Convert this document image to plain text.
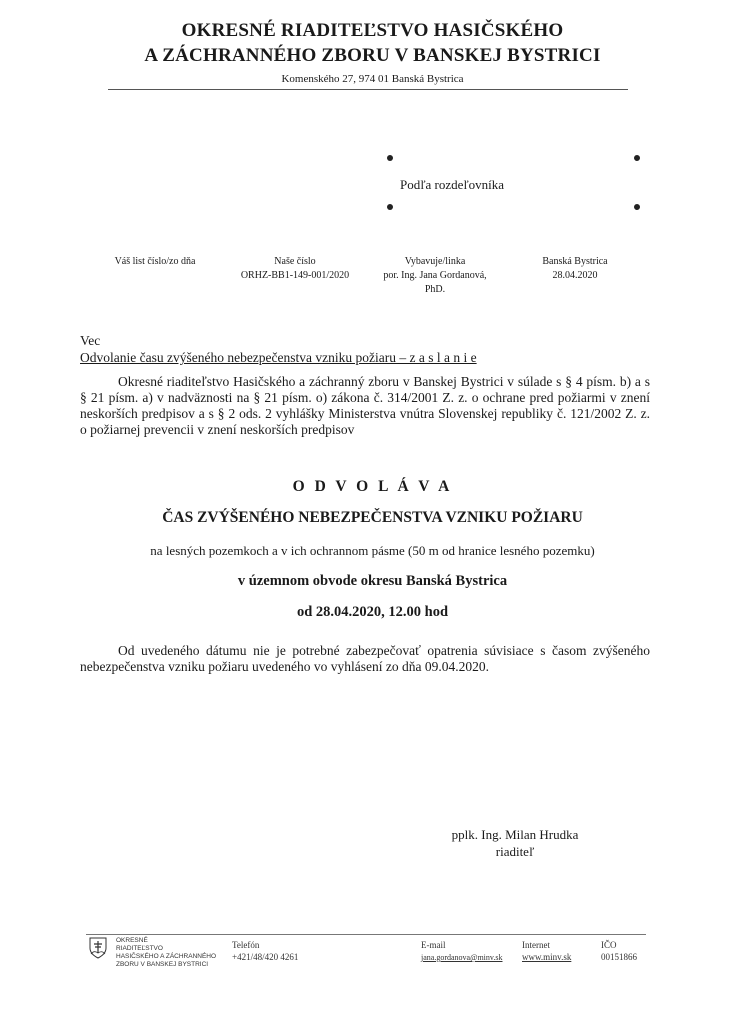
OKRESNÉ RIADITEĽSTVO HASIČSKÉHO
A ZÁCHRANNÉHO ZBORU V BANSKEJ BYSTRICI
Komenského 27, 974 01 Banská Bystrica
Podľa rozdeľovníka
Váš list číslo/zo dňa	Naše číslo
ORHZ-BB1-149-001/2020
Vybavuje/linka
por. Ing. Jana Gordanová,
PhD.
Banská Bystrica
28.04.2020
Vec
Odvolanie času zvýšeného nebezpečenstva vzniku požiaru – z a s l a n i e
Okresné riaditeľstvo Hasičského a záchranný zboru v Banskej Bystrici v súlade s § 4 písm. b) a s § 21 písm. a) v nadväznosti na § 21 písm. o) zákona č. 314/2001 Z. z. o ochrane pred požiarmi v znení neskorších predpisov a s § 2 ods. 2 vyhlášky Ministerstva vnútra Slovenskej republiky č. 121/2002 Z. z. o požiarnej prevencii v znení neskorších predpisov
O D V O L Á V A
ČAS ZVÝŠENÉHO NEBEZPEČENSTVA VZNIKU POŽIARU
na lesných pozemkoch a v ich ochrannom pásme (50 m od hranice lesného pozemku)
v územnom obvode okresu Banská Bystrica
od 28.04.2020, 12.00 hod
Od uvedeného dátumu nie je potrebné zabezpečovať opatrenia súvisiace s časom zvýšeného nebezpečenstva vzniku požiaru uvedeného vo vyhlásení zo dňa 09.04.2020.
pplk. Ing. Milan Hrudka
riaditeľ
OKRESNÉ
RIADITEĽSTVO
HASIČSKÉHO A ZÁCHRANNÉHO
ZBORU V BANSKEJ BYSTRICI
Telefón
+421/48/420 4261
E-mail
jana.gordanova@minv.sk
Internet
www.minv.sk
IČO
00151866
